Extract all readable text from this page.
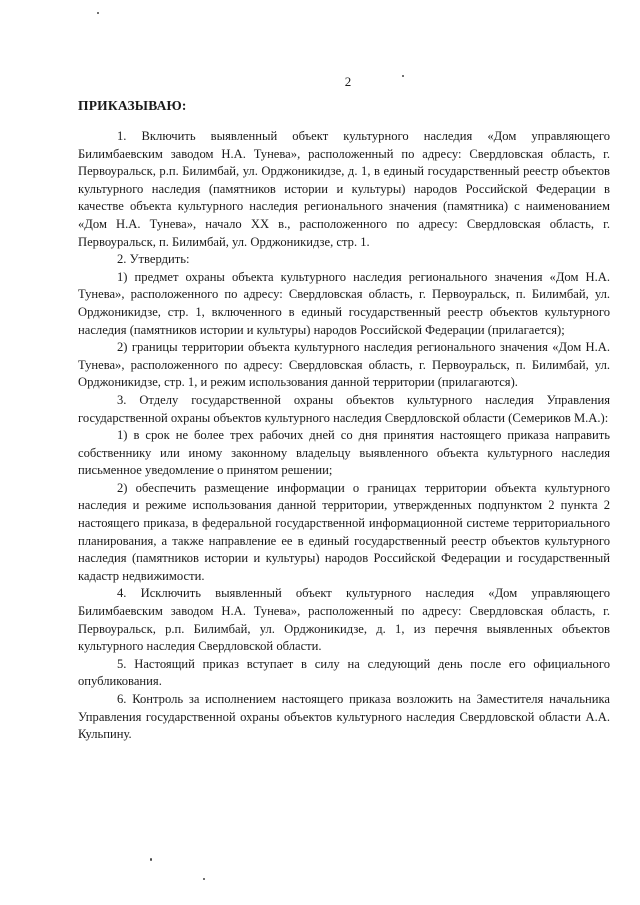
2
ПРИКАЗЫВАЮ:

1. Включить выявленный объект культурного наследия «Дом управляющего Билимбаевским заводом Н.А. Тунева», расположенный по адресу: Свердловская область, г. Первоуральск, р.п. Билимбай, ул. Орджоникидзе, д. 1, в единый государственный реестр объектов культурного наследия (памятников истории и культуры) народов Российской Федерации в качестве объекта культурного наследия регионального значения (памятника) с наименованием «Дом Н.А. Тунева», начало XX в., расположенного по адресу: Свердловская область, г. Первоуральск, п. Билимбай, ул. Орджоникидзе, стр. 1.

2. Утвердить:

1) предмет охраны объекта культурного наследия регионального значения «Дом Н.А. Тунева», расположенного по адресу: Свердловская область, г. Первоуральск, п. Билимбай, ул. Орджоникидзе, стр. 1, включенного в единый государственный реестр объектов культурного наследия (памятников истории и культуры) народов Российской Федерации (прилагается);

2) границы территории объекта культурного наследия регионального значения «Дом Н.А. Тунева», расположенного по адресу: Свердловская область, г. Первоуральск, п. Билимбай, ул. Орджоникидзе, стр. 1, и режим использования данной территории (прилагаются).

3. Отделу государственной охраны объектов культурного наследия Управления государственной охраны объектов культурного наследия Свердловской области (Семериков М.А.):

1) в срок не более трех рабочих дней со дня принятия настоящего приказа направить собственнику или иному законному владельцу выявленного объекта культурного наследия письменное уведомление о принятом решении;

2) обеспечить размещение информации о границах территории объекта культурного наследия и режиме использования данной территории, утвержденных подпунктом 2 пункта 2 настоящего приказа, в федеральной государственной информационной системе территориального планирования, а также направление ее в единый государственный реестр объектов культурного наследия (памятников истории и культуры) народов Российской Федерации и государственный кадастр недвижимости.

4. Исключить выявленный объект культурного наследия «Дом управляющего Билимбаевским заводом Н.А. Тунева», расположенный по адресу: Свердловская область, г. Первоуральск, р.п. Билимбай, ул. Орджоникидзе, д. 1, из перечня выявленных объектов культурного наследия Свердловской области.

5. Настоящий приказ вступает в силу на следующий день после его официального опубликования.

6. Контроль за исполнением настоящего приказа возложить на Заместителя начальника Управления государственной охраны объектов культурного наследия Свердловской области А.А. Кульпину.
